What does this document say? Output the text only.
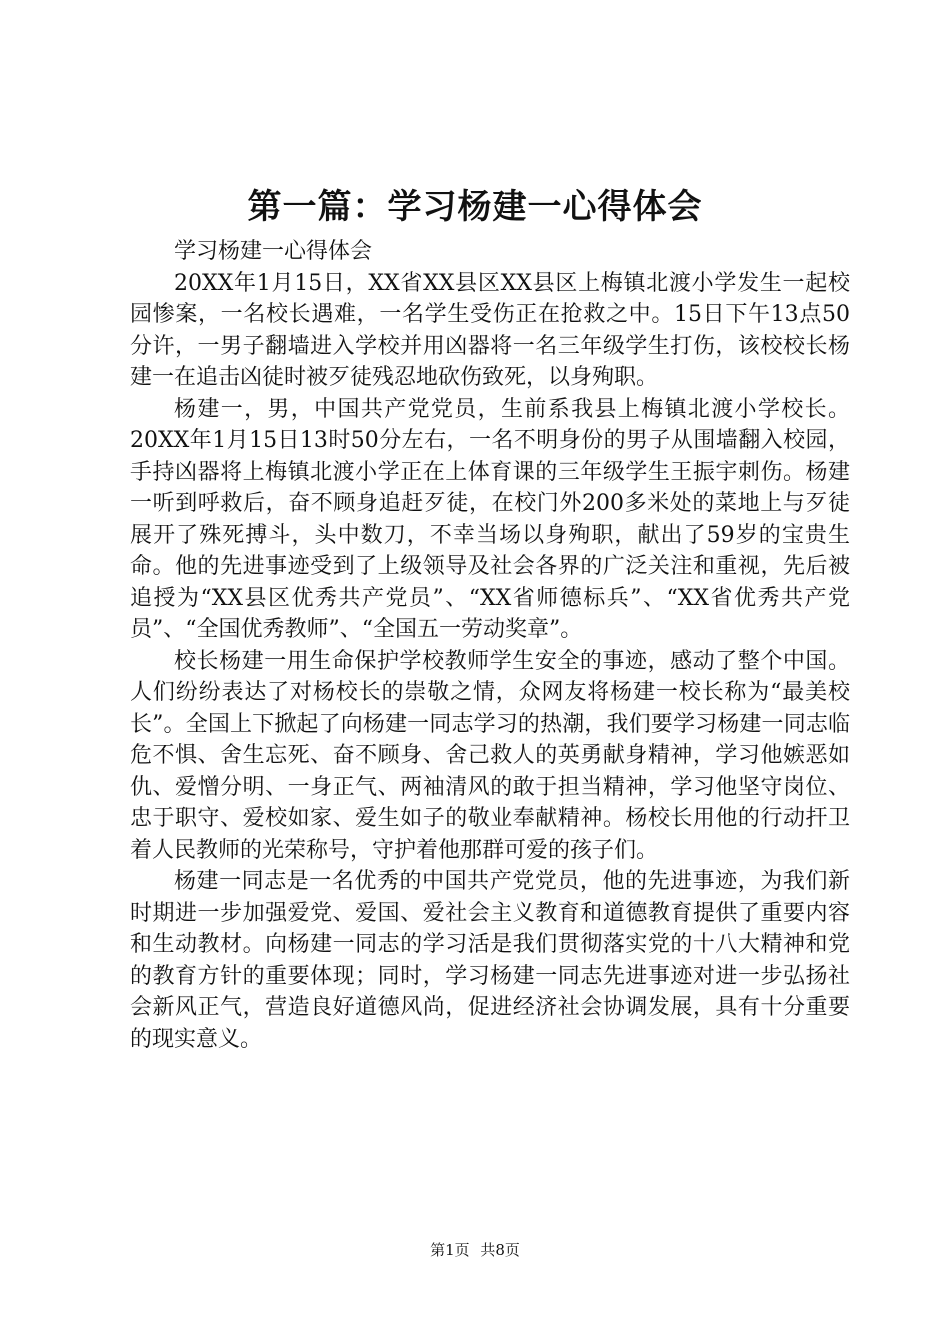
第一篇：学习杨建一心得体会

学习杨建一心得体会

20XX年1月15日，XX省XX县区XX县区上梅镇北渡小学发生一起校园惨案，一名校长遇难，一名学生受伤正在抢救之中。15日下午13点50分许，一男子翻墙进入学校并用凶器将一名三年级学生打伤，该校校长杨建一在追击凶徒时被歹徒残忍地砍伤致死，以身殉职。

杨建一，男，中国共产党党员，生前系我县上梅镇北渡小学校长。20XX年1月15日13时50分左右，一名不明身份的男子从围墙翻入校园，手持凶器将上梅镇北渡小学正在上体育课的三年级学生王振宇刺伤。杨建一听到呼救后，奋不顾身追赶歹徒，在校门外200多米处的菜地上与歹徒展开了殊死搏斗，头中数刀，不幸当场以身殉职，献出了59岁的宝贵生命。他的先进事迹受到了上级领导及社会各界的广泛关注和重视，先后被追授为“XX县区优秀共产党员”、“XX省师德标兵”、“XX省优秀共产党员”、“全国优秀教师”、“全国五一劳动奖章”。

校长杨建一用生命保护学校教师学生安全的事迹，感动了整个中国。人们纷纷表达了对杨校长的崇敬之情，众网友将杨建一校长称为“最美校长”。全国上下掀起了向杨建一同志学习的热潮，我们要学习杨建一同志临危不惧、舍生忘死、奋不顾身、舍己救人的英勇献身精神，学习他嫉恶如仇、爱憎分明、一身正气、两袖清风的敢于担当精神，学习他坚守岗位、忠于职守、爱校如家、爱生如子的敬业奉献精神。杨校长用他的行动扞卫着人民教师的光荣称号，守护着他那群可爱的孩子们。

杨建一同志是一名优秀的中国共产党党员，他的先进事迹，为我们新时期进一步加强爱党、爱国、爱社会主义教育和道德教育提供了重要内容和生动教材。向杨建一同志的学习活是我们贯彻落实党的十八大精神和党的教育方针的重要体现；同时，学习杨建一同志先进事迹对进一步弘扬社会新风正气，营造良好道德风尚，促进经济社会协调发展，具有十分重要的现实意义。

第1页 共8页
